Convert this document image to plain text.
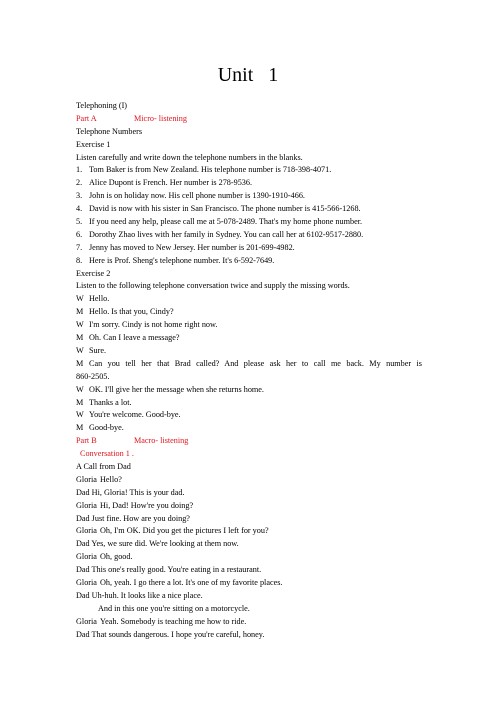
Unit 1
Telephoning (I)
Part A	Micro- listening
Telephone Numbers
Exercise 1
Listen carefully and write down the telephone numbers in the blanks.
1. Tom Baker is from New Zealand. His telephone number is 718-398-4071.
2. Alice Dupont is French. Her number is 278-9536.
3. John is on holiday now. His cell phone number is 1390-1910-466.
4. David is now with his sister in San Francisco. The phone number is 415-566-1268.
5. If you need any help, please call me at 5-078-2489. That's my home phone number.
6. Dorothy Zhao lives with her family in Sydney. You can call her at 6102-9517-2880.
7. Jenny has moved to New Jersey. Her number is 201-699-4982.
8. Here is Prof. Sheng's telephone number. It's 6-592-7649.
Exercise 2
Listen to the following telephone conversation twice and supply the missing words.
W Hello.
M Hello. Is that you, Cindy?
W I'm sorry. Cindy is not home right now.
M Oh. Can I leave a message?
W Sure.
M Can you tell her that Brad called? And please ask her to call me back. My number is
860-2505.
W OK. I'll give her the message when she returns home.
M Thanks a lot.
W You're welcome. Good-bye.
M Good-bye.
Part B	Macro- listening
Conversation 1 .
A Call from Dad
Gloria Hello?
Dad Hi, Gloria! This is your dad.
Gloria Hi, Dad! How're you doing?
Dad Just fine. How are you doing?
Gloria Oh, I'm OK. Did you get the pictures I left for you?
Dad Yes, we sure did. We're looking at them now.
Gloria Oh, good.
Dad This one's really good. You're eating in a restaurant.
Gloria Oh, yeah. I go there a lot. It's one of my favorite places.
Dad Uh-huh. It looks like a nice place.
And in this one you're sitting on a motorcycle.
Gloria Yeah. Somebody is teaching me how to ride.
Dad That sounds dangerous. I hope you're careful, honey.
